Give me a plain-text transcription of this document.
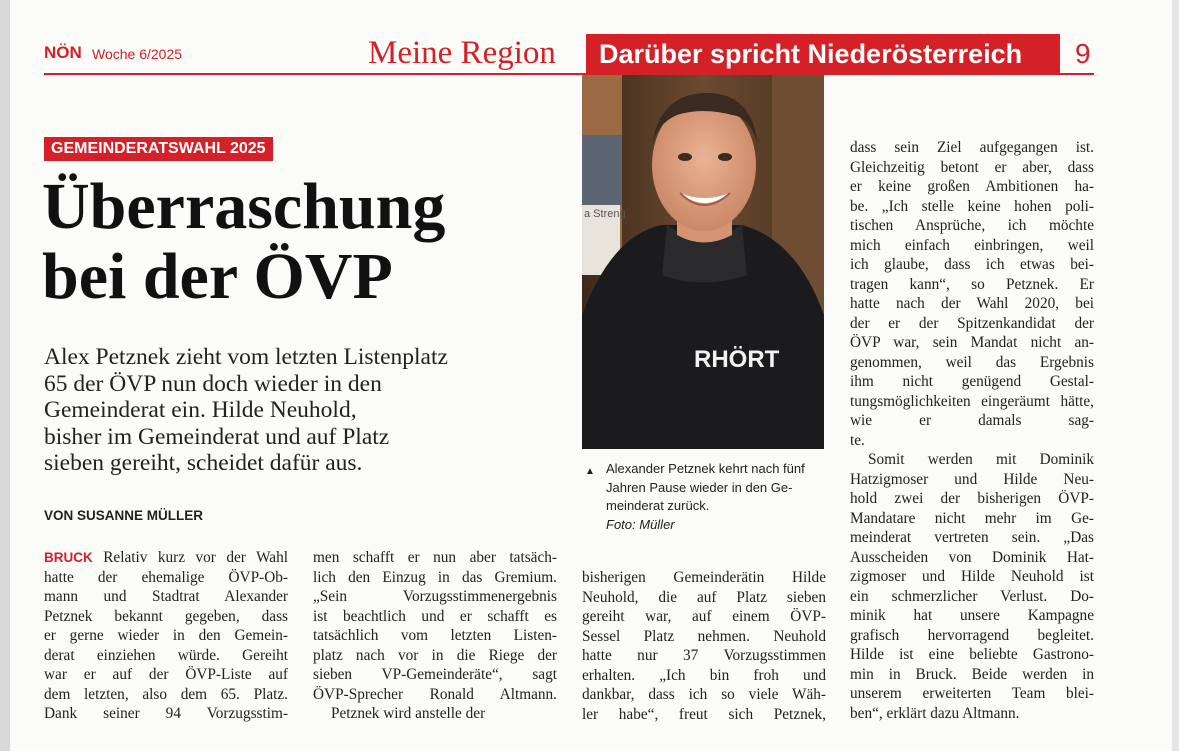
NÖN Woche 6/2025	Meine Region	Darüber spricht Niederösterreich	9
GEMEINDERATSWAHL 2025
Überraschung
bei der ÖVP
Alex Petznek zieht vom letzten Listenplatz
65 der ÖVP nun doch wieder in den
Gemeinderat ein. Hilde Neuhold,
bisher im Gemeinderat und auf Platz
sieben gereiht, scheidet dafür aus.
VON SUSANNE MÜLLER
BRUCK Relativ kurz vor der Wahl
hatte der ehemalige ÖVP-Ob-
mann und Stadtrat Alexander
Petznek bekannt gegeben, dass
er gerne wieder in den Gemein-
derat einziehen würde. Gereiht
war er auf der ÖVP-Liste auf
dem letzten, also dem 65. Platz.
Dank seiner 94 Vorzugsstim-
men schafft er nun aber tatsäch-
lich den Einzug in das Gremium.
„Sein Vorzugsstimmenergebnis
ist beachtlich und er schafft es
tatsächlich vom letzten Listen-
platz nach vor in die Riege der
sieben VP-Gemeinderäte“, sagt
ÖVP-Sprecher Ronald Altmann.
Petznek wird anstelle der
a Streng
RHÖRT
▲ Alexander Petznek kehrt nach fünf
Jahren Pause wieder in den Ge-
meinderat zurück.
Foto: Müller
bisherigen Gemeinderätin Hilde
Neuhold, die auf Platz sieben
gereiht war, auf einem ÖVP-
Sessel Platz nehmen. Neuhold
hatte nur 37 Vorzugsstimmen
erhalten. „Ich bin froh und
dankbar, dass ich so viele Wäh-
ler habe“, freut sich Petznek,
dass sein Ziel aufgegangen ist.
Gleichzeitig betont er aber, dass
er keine großen Ambitionen ha-
be. „Ich stelle keine hohen poli-
tischen Ansprüche, ich möchte
mich einfach einbringen, weil
ich glaube, dass ich etwas bei-
tragen kann“, so Petznek. Er
hatte nach der Wahl 2020, bei
der er der Spitzenkandidat der
ÖVP war, sein Mandat nicht an-
genommen, weil das Ergebnis
ihm nicht genügend Gestal-
tungsmöglichkeiten eingeräumt hätte, wie er damals sag-
te.
Somit werden mit Dominik
Hatzigmoser und Hilde Neu-
hold zwei der bisherigen ÖVP-
Mandatare nicht mehr im Ge-
meinderat vertreten sein. „Das
Ausscheiden von Dominik Hat-
zigmoser und Hilde Neuhold ist
ein schmerzlicher Verlust. Do-
minik hat unsere Kampagne
grafisch hervorragend begleitet.
Hilde ist eine beliebte Gastrono-
min in Bruck. Beide werden in
unserem erweiterten Team blei-
ben“, erklärt dazu Altmann.
